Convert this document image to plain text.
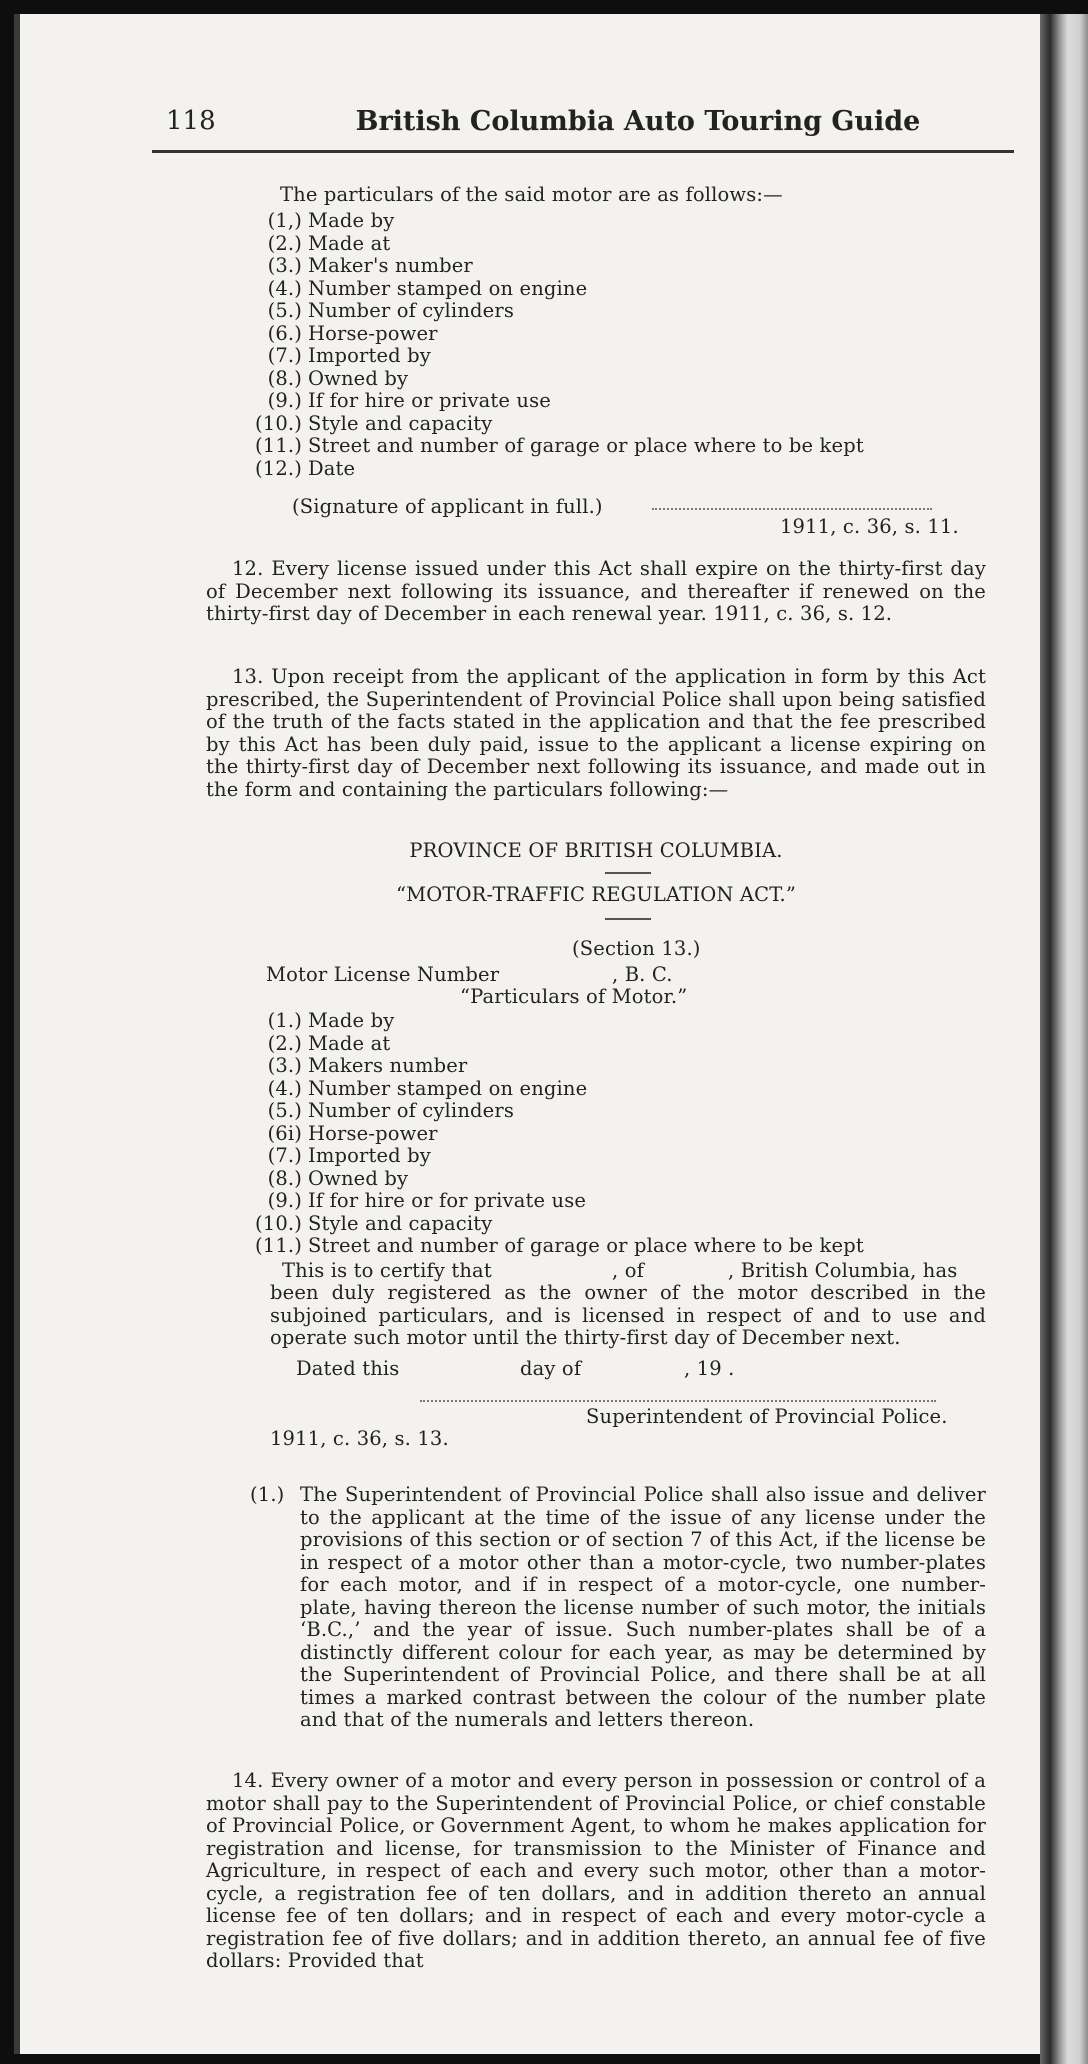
118	British Columbia Auto Touring Guide
The particulars of the said motor are as follows:—
(1,) Made by
(2.) Made at
(3.) Maker's number
(4.) Number stamped on engine
(5.) Number of cylinders
(6.) Horse-power
(7.) Imported by
(8.) Owned by
(9.) If for hire or private use
(10.) Style and capacity
(11.) Street and number of garage or place where to be kept
(12.) Date
(Signature of applicant in full.)
1911, c. 36, s. 11.
12. Every license issued under this Act shall expire on the thirty-first day of December next following its issuance, and thereafter if renewed on the thirty-first day of December in each renewal year. 1911, c. 36, s. 12.
13. Upon receipt from the applicant of the application in form by this Act prescribed, the Superintendent of Provincial Police shall upon being satisfied of the truth of the facts stated in the application and that the fee prescribed by this Act has been duly paid, issue to the applicant a license expiring on the thirty-first day of December next following its issuance, and made out in the form and containing the particulars following:—
PROVINCE OF BRITISH COLUMBIA.
“MOTOR-TRAFFIC REGULATION ACT.”
(Section 13.)
Motor License Number	, B. C.
“Particulars of Motor.”
(1.) Made by
(2.) Made at
(3.) Makers number
(4.) Number stamped on engine
(5.) Number of cylinders
(6i) Horse-power
(7.) Imported by
(8.) Owned by
(9.) If for hire or for private use
(10.) Style and capacity
(11.) Street and number of garage or place where to be kept
This is to certify that	, of	, British Columbia, has
been duly registered as the owner of the motor described in the subjoined particulars, and is licensed in respect of and to use and operate such motor until the thirty-first day of December next.
Dated this	day of	, 19 .
Superintendent of Provincial Police.
1911, c. 36, s. 13.
(1.) The Superintendent of Provincial Police shall also issue and deliver to the applicant at the time of the issue of any license under the provisions of this section or of section 7 of this Act, if the license be in respect of a motor other than a motor-cycle, two number-plates for each motor, and if in respect of a motor-cycle, one number-plate, having thereon the license number of such motor, the initials ‘B.C.,’ and the year of issue. Such number-plates shall be of a distinctly different colour for each year, as may be determined by the Superintendent of Provincial Police, and there shall be at all times a marked contrast between the colour of the number plate and that of the numerals and letters thereon.
14. Every owner of a motor and every person in possession or control of a motor shall pay to the Superintendent of Provincial Police, or chief constable of Provincial Police, or Government Agent, to whom he makes application for registration and license, for transmission to the Minister of Finance and Agriculture, in respect of each and every such motor, other than a motor-cycle, a registration fee of ten dollars, and in addition thereto an annual license fee of ten dollars; and in respect of each and every motor-cycle a registration fee of five dollars; and in addition thereto, an annual fee of five dollars: Provided that
